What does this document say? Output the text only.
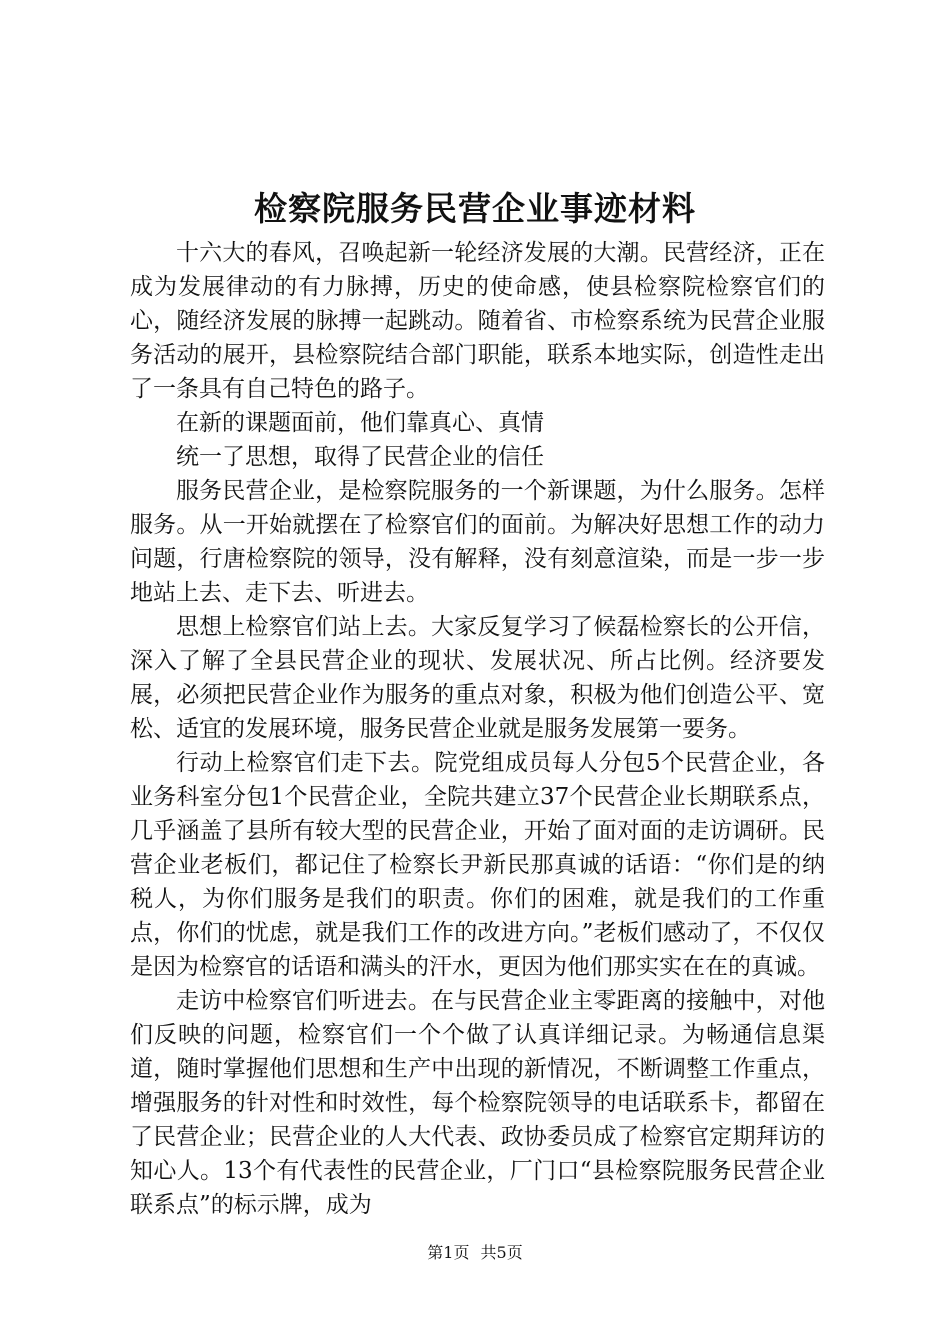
检察院服务民营企业事迹材料

十六大的春风，召唤起新一轮经济发展的大潮。民营经济，正在成为发展律动的有力脉搏，历史的使命感，使县检察院检察官们的心，随经济发展的脉搏一起跳动。随着省、市检察系统为民营企业服务活动的展开，县检察院结合部门职能，联系本地实际，创造性走出了一条具有自己特色的路子。

在新的课题面前，他们靠真心、真情

统一了思想，取得了民营企业的信任

服务民营企业，是检察院服务的一个新课题，为什么服务。怎样服务。从一开始就摆在了检察官们的面前。为解决好思想工作的动力问题，行唐检察院的领导，没有解释，没有刻意渲染，而是一步一步地站上去、走下去、听进去。

思想上检察官们站上去。大家反复学习了候磊检察长的公开信，深入了解了全县民营企业的现状、发展状况、所占比例。经济要发展，必须把民营企业作为服务的重点对象，积极为他们创造公平、宽松、适宜的发展环境，服务民营企业就是服务发展第一要务。

行动上检察官们走下去。院党组成员每人分包5个民营企业，各业务科室分包1个民营企业，全院共建立37个民营企业长期联系点，几乎涵盖了县所有较大型的民营企业，开始了面对面的走访调研。民营企业老板们，都记住了检察长尹新民那真诚的话语：“你们是的纳税人，为你们服务是我们的职责。你们的困难，就是我们的工作重点，你们的忧虑，就是我们工作的改进方向。”老板们感动了，不仅仅是因为检察官的话语和满头的汗水，更因为他们那实实在在的真诚。

走访中检察官们听进去。在与民营企业主零距离的接触中，对他们反映的问题，检察官们一个个做了认真详细记录。为畅通信息渠道，随时掌握他们思想和生产中出现的新情况，不断调整工作重点，增强服务的针对性和时效性，每个检察院领导的电话联系卡，都留在了民营企业；民营企业的人大代表、政协委员成了检察官定期拜访的知心人。13个有代表性的民营企业，厂门口“县检察院服务民营企业联系点”的标示牌，成为

第1页 共5页
